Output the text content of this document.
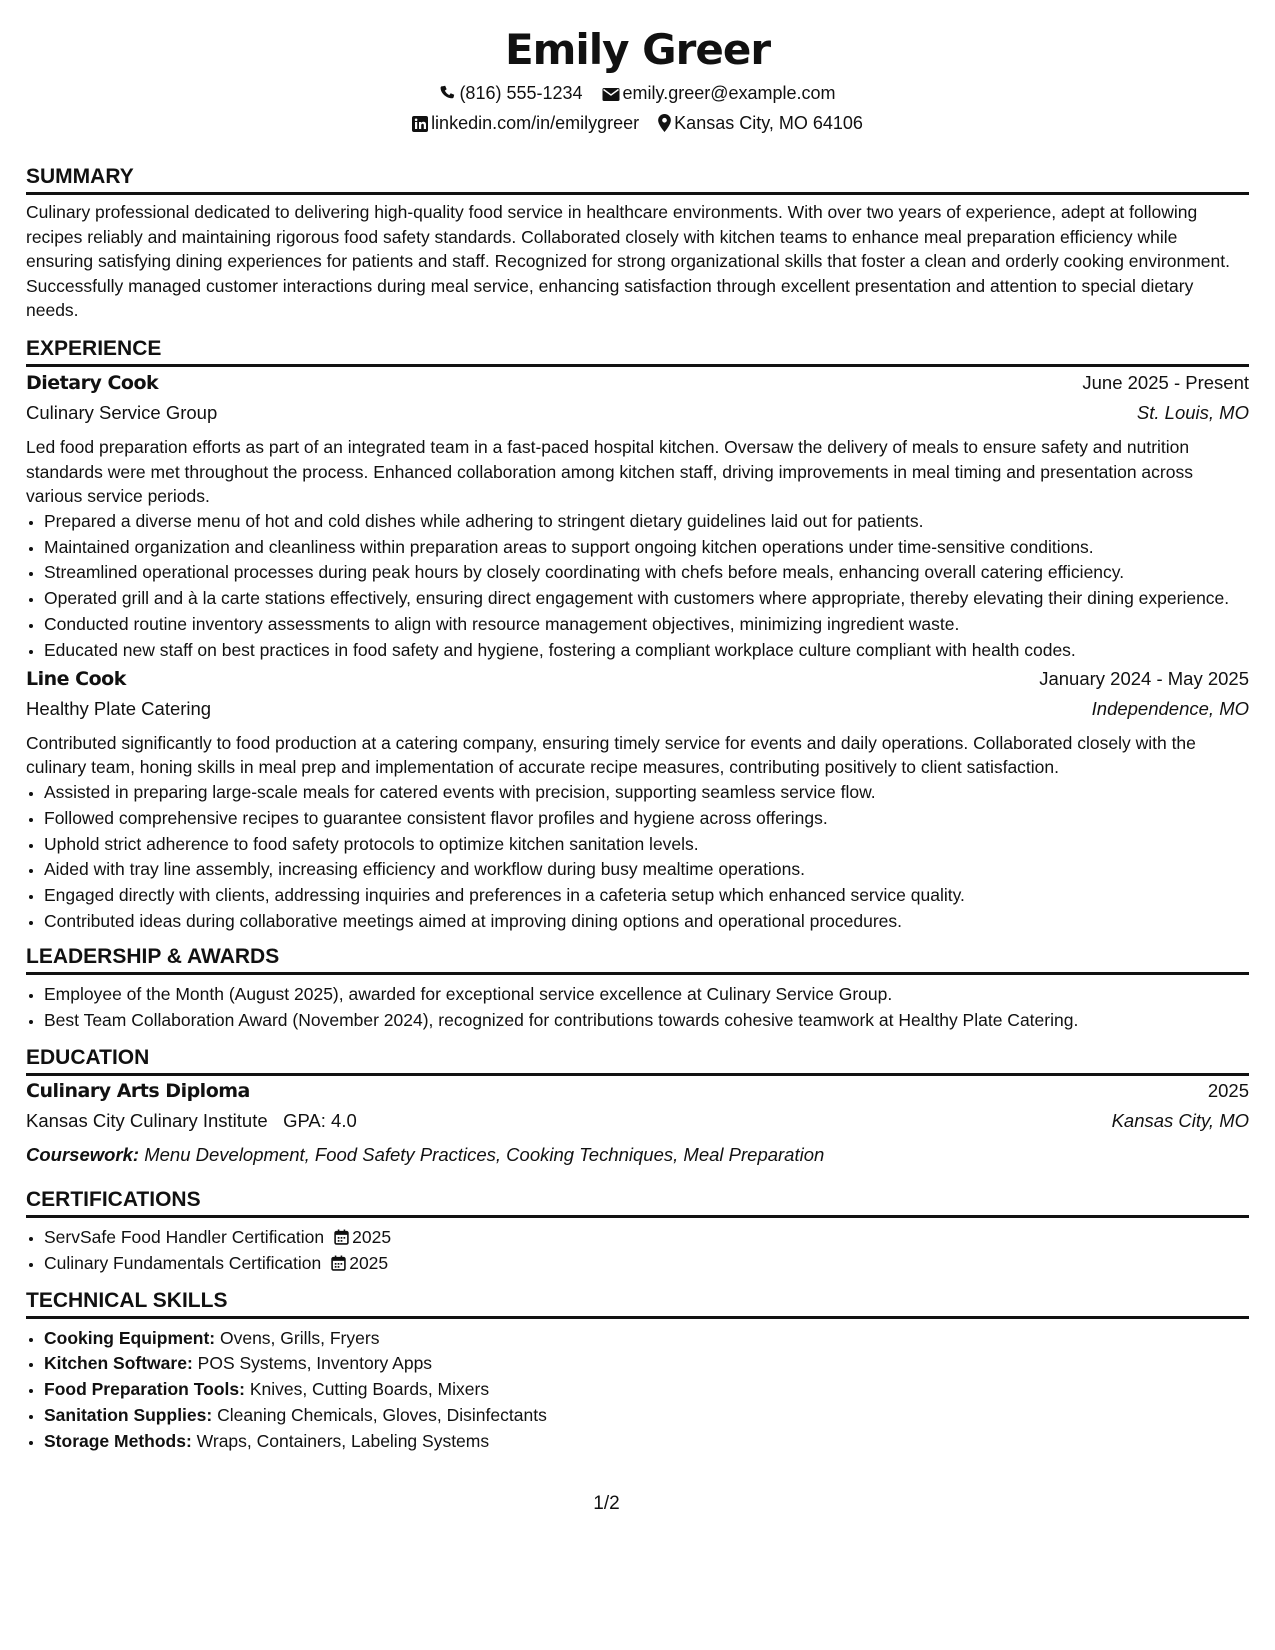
Emily Greer
(816) 555-1234 emily.greer@example.com
linkedin.com/in/emilygreer Kansas City, MO 64106
SUMMARY

Culinary professional dedicated to delivering high-quality food service in healthcare environments. With over two years of experience, adept at following recipes reliably and maintaining rigorous food safety standards. Collaborated closely with kitchen teams to enhance meal preparation efficiency while ensuring satisfying dining experiences for patients and staff. Recognized for strong organizational skills that foster a clean and orderly cooking environment. Successfully managed customer interactions during meal service, enhancing satisfaction through excellent presentation and attention to special dietary needs.

EXPERIENCE
Dietary Cook	June 2025 - Present
Culinary Service Group	St. Louis, MO

Led food preparation efforts as part of an integrated team in a fast-paced hospital kitchen. Oversaw the delivery of meals to ensure safety and nutrition standards were met throughout the process. Enhanced collaboration among kitchen staff, driving improvements in meal timing and presentation across various service periods.

• Prepared a diverse menu of hot and cold dishes while adhering to stringent dietary guidelines laid out for patients.
• Maintained organization and cleanliness within preparation areas to support ongoing kitchen operations under time-sensitive conditions.
• Streamlined operational processes during peak hours by closely coordinating with chefs before meals, enhancing overall catering efficiency.
• Operated grill and à la carte stations effectively, ensuring direct engagement with customers where appropriate, thereby elevating their dining experience.
• Conducted routine inventory assessments to align with resource management objectives, minimizing ingredient waste.
• Educated new staff on best practices in food safety and hygiene, fostering a compliant workplace culture compliant with health codes.
Line Cook	January 2024 - May 2025
Healthy Plate Catering	Independence, MO

Contributed significantly to food production at a catering company, ensuring timely service for events and daily operations. Collaborated closely with the culinary team, honing skills in meal prep and implementation of accurate recipe measures, contributing positively to client satisfaction.

• Assisted in preparing large-scale meals for catered events with precision, supporting seamless service flow.
• Followed comprehensive recipes to guarantee consistent flavor profiles and hygiene across offerings.
• Uphold strict adherence to food safety protocols to optimize kitchen sanitation levels.
• Aided with tray line assembly, increasing efficiency and workflow during busy mealtime operations.
• Engaged directly with clients, addressing inquiries and preferences in a cafeteria setup which enhanced service quality.
• Contributed ideas during collaborative meetings aimed at improving dining options and operational procedures.
LEADERSHIP & AWARDS
• Employee of the Month (August 2025), awarded for exceptional service excellence at Culinary Service Group.
• Best Team Collaboration Award (November 2024), recognized for contributions towards cohesive teamwork at Healthy Plate Catering.
EDUCATION
Culinary Arts Diploma	2025
Kansas City Culinary Institute GPA: 4.0	Kansas City, MO
Coursework: Menu Development, Food Safety Practices, Cooking Techniques, Meal Preparation
CERTIFICATIONS
• ServSafe Food Handler Certification 2025
• Culinary Fundamentals Certification 2025
TECHNICAL SKILLS
• Cooking Equipment: Ovens, Grills, Fryers
• Kitchen Software: POS Systems, Inventory Apps
• Food Preparation Tools: Knives, Cutting Boards, Mixers
• Sanitation Supplies: Cleaning Chemicals, Gloves, Disinfectants
• Storage Methods: Wraps, Containers, Labeling Systems
1/2
